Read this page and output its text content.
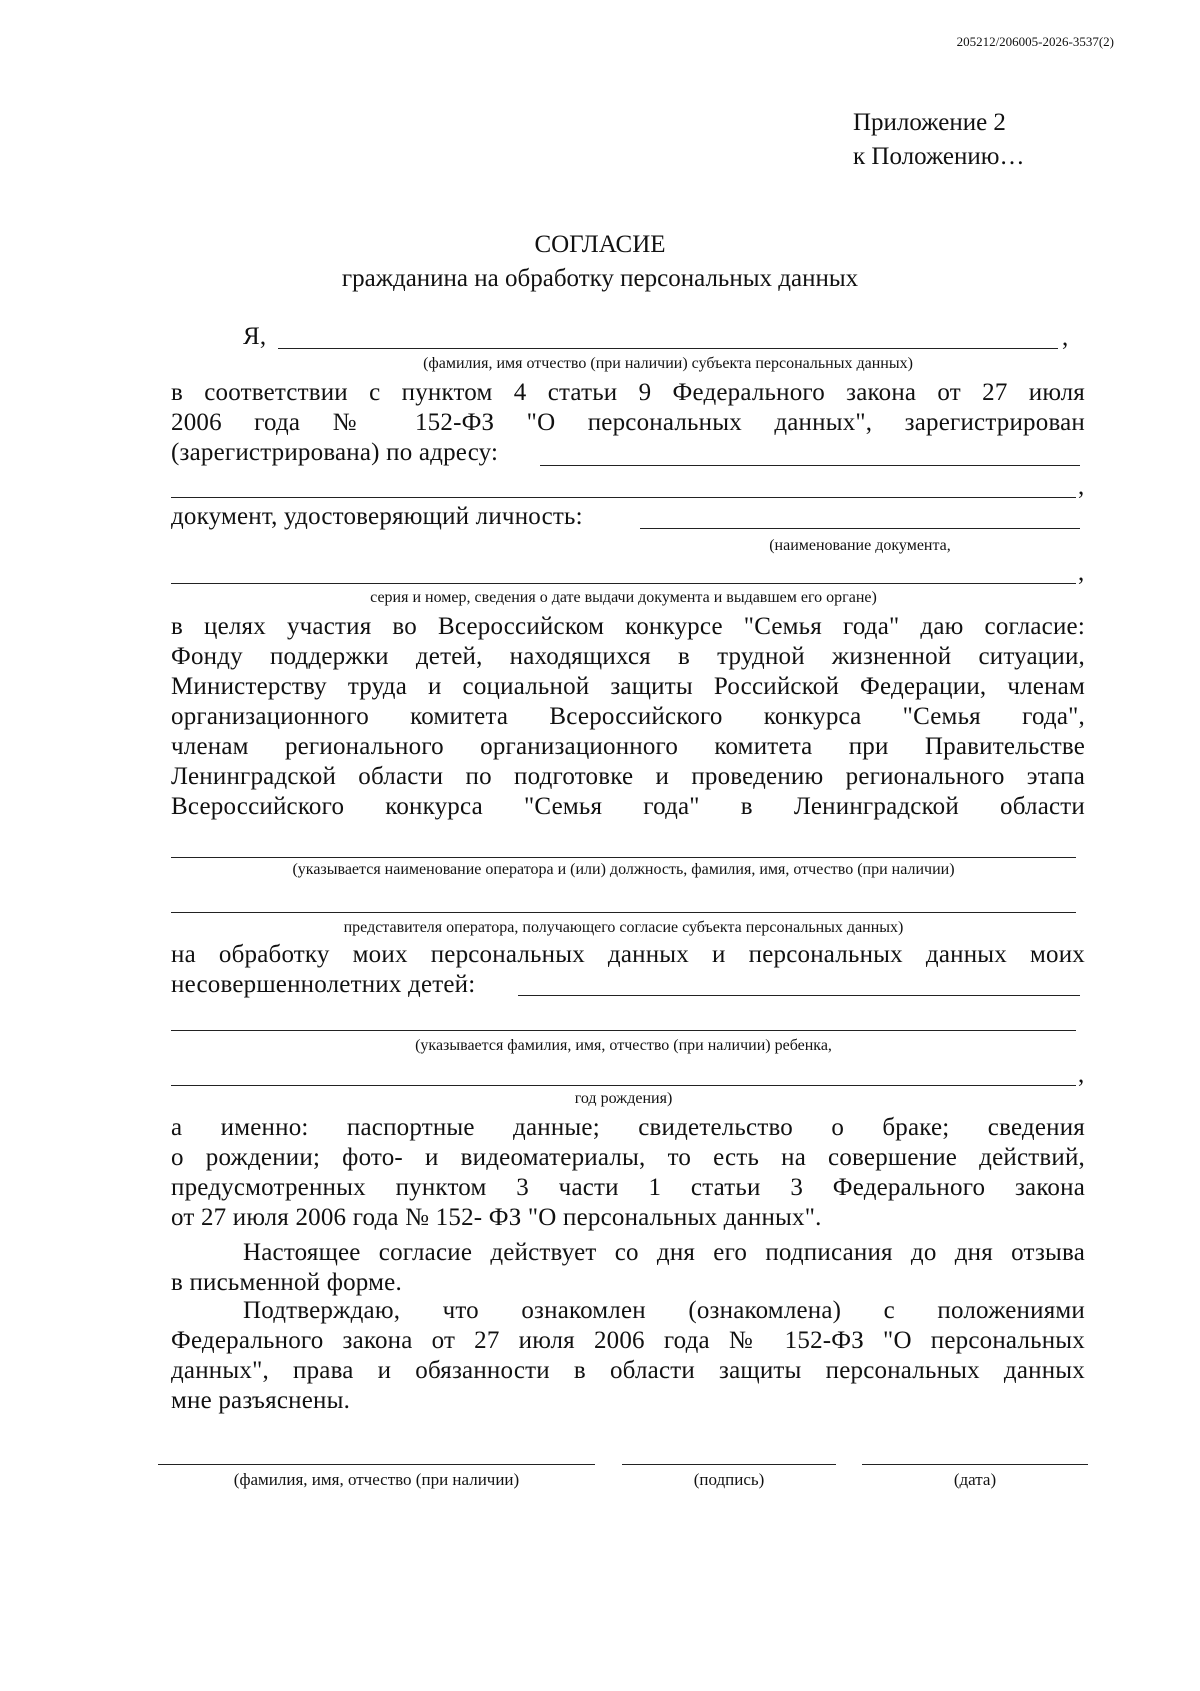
205212/206005-2026-3537(2)
Приложение 2
к Положению…
СОГЛАСИЕ
гражданина на обработку персональных данных
Я,	,
(фамилия, имя отчество (при наличии) субъекта персональных данных)
в соответствии с пунктом 4 статьи 9 Федерального закона от 27 июля
2006 года № 152-ФЗ "О персональных данных", зарегистрирован
(зарегистрирована) по адресу:
,
документ, удостоверяющий личность:
(наименование документа,
,
серия и номер, сведения о дате выдачи документа и выдавшем его органе)
в целях участия во Всероссийском конкурсе "Семья года" даю согласие:
Фонду поддержки детей, находящихся в трудной жизненной ситуации,
Министерству труда и социальной защиты Российской Федерации, членам
организационного комитета Всероссийского конкурса "Семья года",
членам регионального организационного комитета при Правительстве
Ленинградской области по подготовке и проведению регионального этапа
Всероссийского конкурса "Семья года" в Ленинградской области
(указывается наименование оператора и (или) должность, фамилия, имя, отчество (при наличии)
представителя оператора, получающего согласие субъекта персональных данных)
на обработку моих персональных данных и персональных данных моих
несовершеннолетних детей:
(указывается фамилия, имя, отчество (при наличии) ребенка,
,
год рождения)
а именно: паспортные данные; свидетельство о браке; сведения
о рождении; фото- и видеоматериалы, то есть на совершение действий,
предусмотренных пунктом 3 части 1 статьи 3 Федерального закона
от 27 июля 2006 года № 152- ФЗ "О персональных данных".
Настоящее согласие действует со дня его подписания до дня отзыва
в письменной форме.
Подтверждаю, что ознакомлен (ознакомлена) с положениями
Федерального закона от 27 июля 2006 года № 152-ФЗ "О персональных
данных", права и обязанности в области защиты персональных данных
мне разъяснены.
(фамилия, имя, отчество (при наличии)	(подпись)	(дата)
